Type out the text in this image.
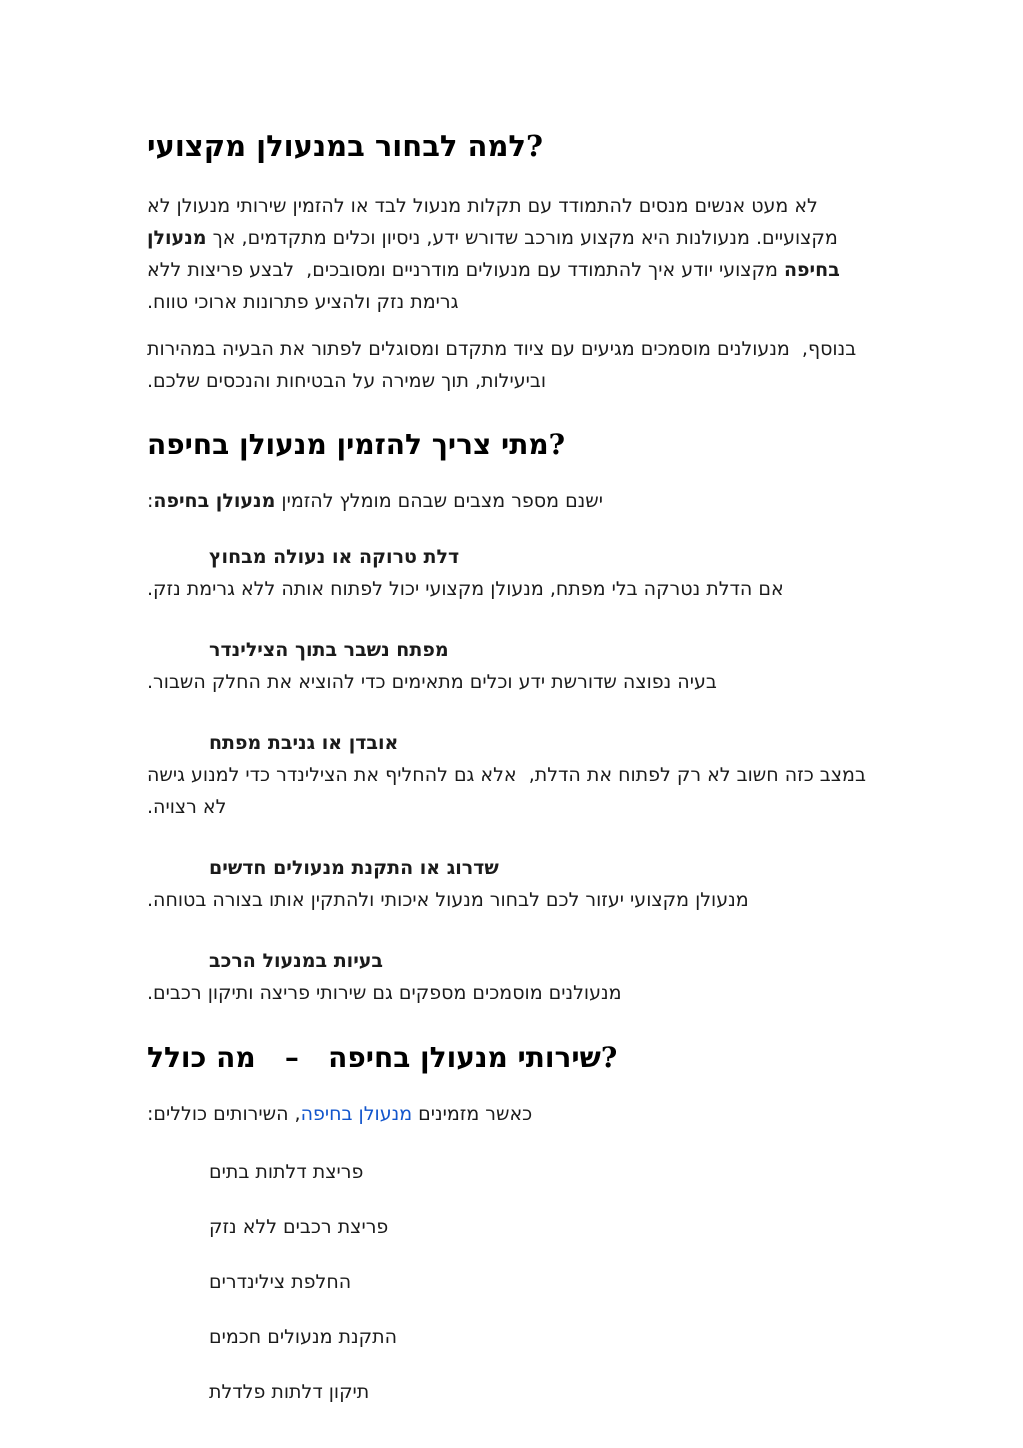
למה לבחור במנעולן מקצועי?

לא מעט אנשים מנסים להתמודד עם תקלות מנעול לבד או להזמין שירותי מנעולן לא מקצועיים. מנעולנות היא מקצוע מורכב שדורש ידע, ניסיון וכלים מתקדמים, אך מנעולן בחיפה מקצועי יודע איך להתמודד עם מנעולים מודרניים ומסובכים,  לבצע פריצות ללא גרימת נזק ולהציע פתרונות ארוכי טווח.

בנוסף,  מנעולנים מוסמכים מגיעים עם ציוד מתקדם ומסוגלים לפתור את הבעיה במהירות וביעילות, תוך שמירה על הבטיחות והנכסים שלכם.

מתי צריך להזמין מנעולן בחיפה?

ישנם מספר מצבים שבהם מומלץ להזמין מנעולן בחיפה:

דלת טרוקה או נעולה מבחוץ

אם הדלת נטרקה בלי מפתח, מנעולן מקצועי יכול לפתוח אותה ללא גרימת נזק.

מפתח נשבר בתוך הצילינדר

בעיה נפוצה שדורשת ידע וכלים מתאימים כדי להוציא את החלק השבור.

אובדן או גניבת מפתח

במצב כזה חשוב לא רק לפתוח את הדלת,  אלא גם להחליף את הצילינדר כדי למנוע גישה לא רצויה.

שדרוג או התקנת מנעולים חדשים

מנעולן מקצועי יעזור לכם לבחור מנעול איכותי ולהתקין אותו בצורה בטוחה.

בעיות במנעול הרכב

מנעולנים מוסמכים מספקים גם שירותי פריצה ותיקון רכבים.

שירותי מנעולן בחיפה   –   מה כולל?

כאשר מזמינים מנעולן בחיפה, השירותים כוללים:

פריצת דלתות בתים
פריצת רכבים ללא נזק
החלפת צילינדרים
התקנת מנעולים חכמים
תיקון דלתות פלדלת
